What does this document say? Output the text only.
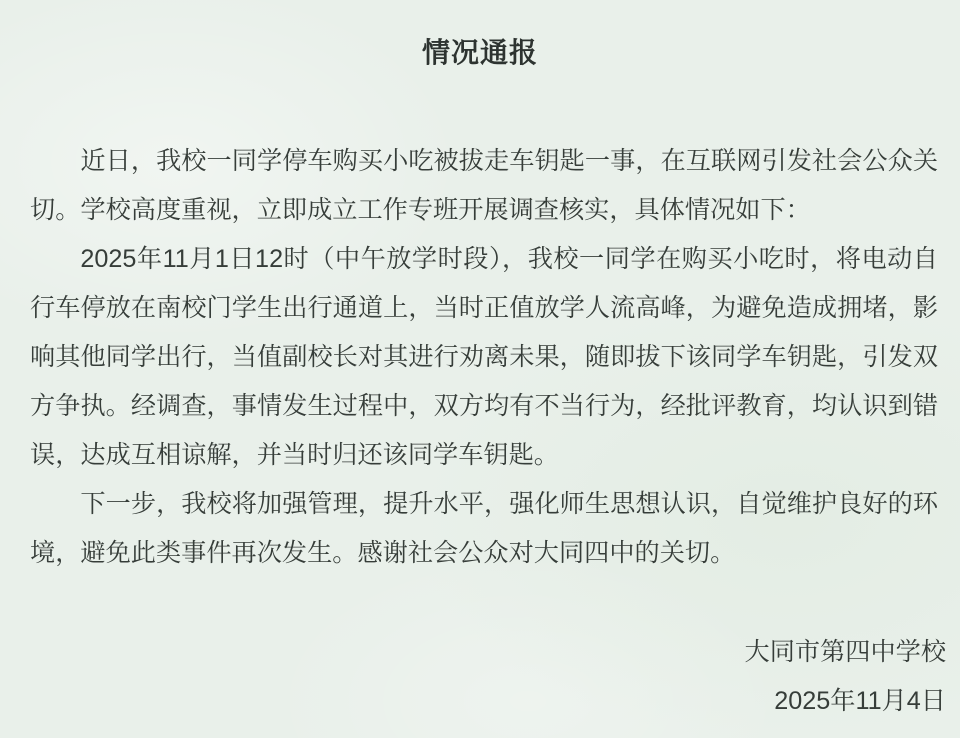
情况通报

近日，我校一同学停车购买小吃被拔走车钥匙一事，在互联网引发社会公众关切。学校高度重视，立即成立工作专班开展调查核实，具体情况如下：

2025年11月1日12时（中午放学时段），我校一同学在购买小吃时，将电动自行车停放在南校门学生出行通道上，当时正值放学人流高峰，为避免造成拥堵，影响其他同学出行，当值副校长对其进行劝离未果，随即拔下该同学车钥匙，引发双方争执。经调查，事情发生过程中，双方均有不当行为，经批评教育，均认识到错误，达成互相谅解，并当时归还该同学车钥匙。

下一步，我校将加强管理，提升水平，强化师生思想认识，自觉维护良好的环境，避免此类事件再次发生。感谢社会公众对大同四中的关切。

大同市第四中学校
2025年11月4日
